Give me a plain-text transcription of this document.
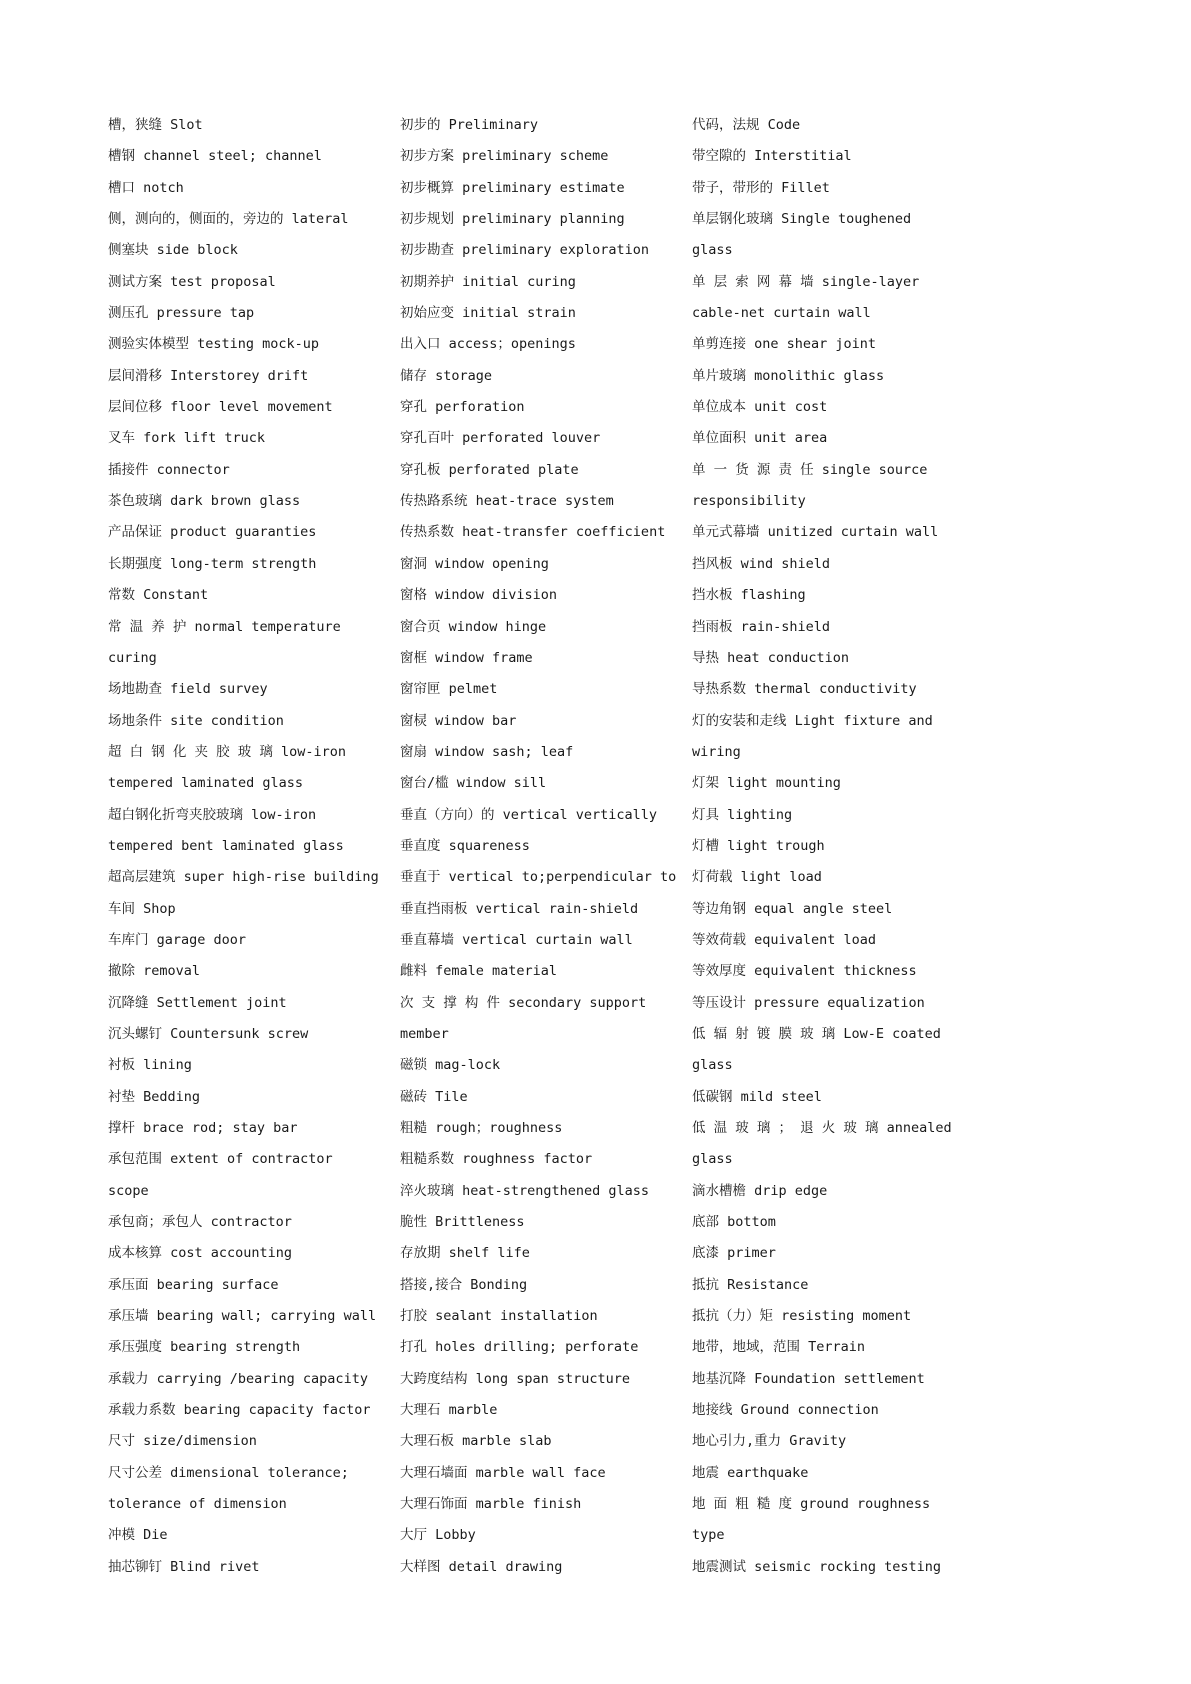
槽，狭缝 Slot
槽钢 channel steel; channel
槽口 notch
侧，测向的，侧面的，旁边的 lateral
侧塞块 side block
测试方案 test proposal
测压孔 pressure tap
测验实体模型 testing mock-up
层间滑移 Interstorey drift
层间位移 floor level movement
叉车 fork lift truck
插接件 connector
茶色玻璃 dark brown glass
产品保证 product guaranties
长期强度 long-term strength
常数 Constant
常 温 养 护 normal temperature
curing
场地勘查 field survey
场地条件 site condition
超 白 钢 化 夹 胶 玻 璃 low-iron
tempered laminated glass
超白钢化折弯夹胶玻璃 low-iron
tempered bent laminated glass
超高层建筑 super high-rise building
车间 Shop
车库门 garage door
撤除 removal
沉降缝 Settlement joint
沉头螺钉 Countersunk screw
衬板 lining
衬垫 Bedding
撑杆 brace rod; stay bar
承包范围 extent of contractor
scope
承包商；承包人 contractor
成本核算 cost accounting
承压面 bearing surface
承压墙 bearing wall; carrying wall
承压强度 bearing strength
承载力 carrying /bearing capacity
承载力系数 bearing capacity factor
尺寸 size/dimension
尺寸公差 dimensional tolerance;
tolerance of dimension
冲模 Die
抽芯铆钉 Blind rivet
初步的 Preliminary
初步方案 preliminary scheme
初步概算 preliminary estimate
初步规划 preliminary planning
初步勘查 preliminary exploration
初期养护 initial curing
初始应变 initial strain
出入口 access；openings
储存 storage
穿孔 perforation
穿孔百叶 perforated louver
穿孔板 perforated plate
传热路系统 heat-trace system
传热系数 heat-transfer coefficient
窗洞 window opening
窗格 window division
窗合页 window hinge
窗框 window frame
窗帘匣 pelmet
窗棂 window bar
窗扇 window sash; leaf
窗台/槛 window sill
垂直（方向）的 vertical vertically
垂直度 squareness
垂直于 vertical to;perpendicular to
垂直挡雨板 vertical rain-shield
垂直幕墙 vertical curtain wall
雌料 female material
次 支 撑 构 件 secondary support
member
磁锁 mag-lock
磁砖 Tile
粗糙 rough；roughness
粗糙系数 roughness factor
淬火玻璃 heat-strengthened glass
脆性 Brittleness
存放期 shelf life
搭接,接合 Bonding
打胶 sealant installation
打孔 holes drilling; perforate
大跨度结构 long span structure
大理石 marble
大理石板 marble slab
大理石墙面 marble wall face
大理石饰面 marble finish
大厅 Lobby
大样图 detail drawing
代码，法规 Code
带空隙的 Interstitial
带子，带形的 Fillet
单层钢化玻璃 Single toughened
glass
单 层 索 网 幕 墙 single-layer
cable-net curtain wall
单剪连接 one shear joint
单片玻璃 monolithic glass
单位成本 unit cost
单位面积 unit area
单 一 货 源 责 任 single source
responsibility
单元式幕墙 unitized curtain wall
挡风板 wind shield
挡水板 flashing
挡雨板 rain-shield
导热 heat conduction
导热系数 thermal conductivity
灯的安装和走线 Light fixture and
wiring
灯架 light mounting
灯具 lighting
灯槽 light trough
灯荷载 light load
等边角钢 equal angle steel
等效荷载 equivalent load
等效厚度 equivalent thickness
等压设计 pressure equalization
低 辐 射 镀 膜 玻 璃 Low-E coated
glass
低碳钢 mild steel
低 温 玻 璃 ； 退 火 玻 璃 annealed
glass
滴水槽檐 drip edge
底部 bottom
底漆 primer
抵抗 Resistance
抵抗（力）矩 resisting moment
地带，地域，范围 Terrain
地基沉降 Foundation settlement
地接线 Ground connection
地心引力,重力 Gravity
地震 earthquake
地 面 粗 糙 度 ground roughness
type
地震测试 seismic rocking testing
